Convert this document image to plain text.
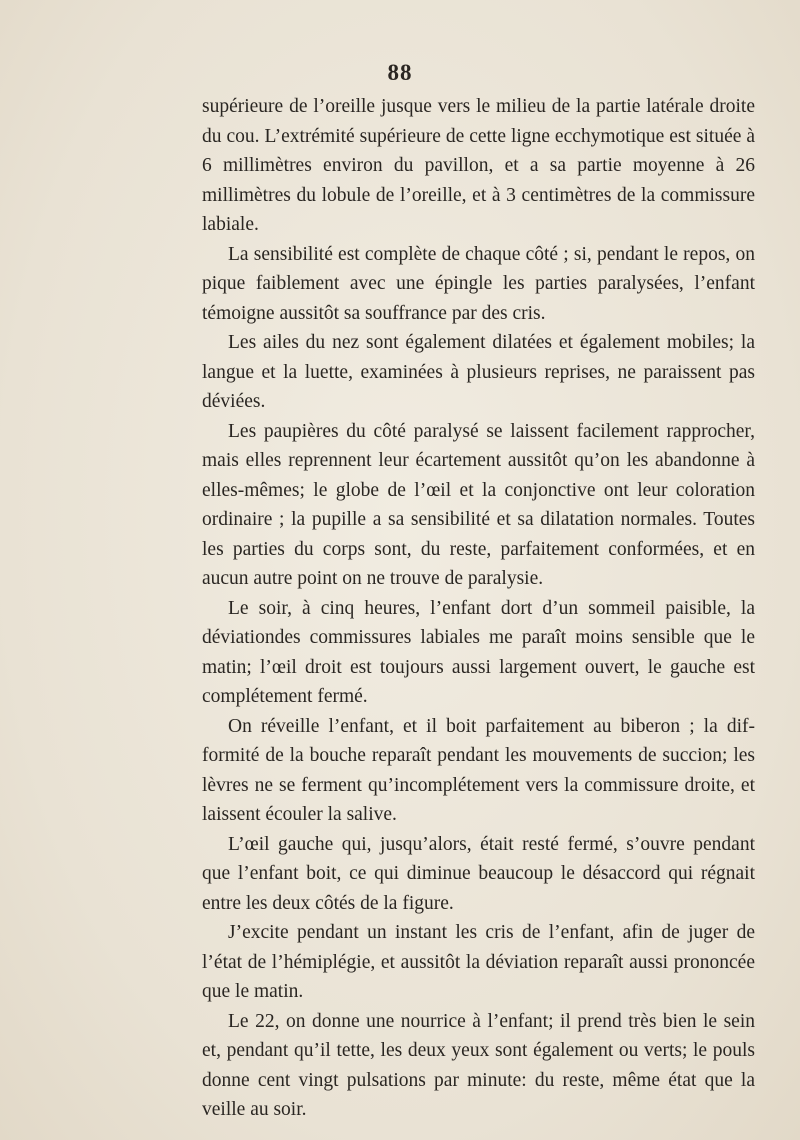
88

supérieure de l’oreille jusque vers le milieu de la partie latérale droite du cou. L’extrémité supérieure de cette ligne ecchymotique est située à 6 millimètres environ du pavillon, et a sa partie moyenne à 26 millimètres du lobule de l’oreille, et à 3 centimètres de la commissure labiale.

La sensibilité est complète de chaque côté ; si, pendant le repos, on pique faiblement avec une épingle les parties paralysées, l’enfant témoigne aussitôt sa souffrance par des cris.

Les ailes du nez sont également dilatées et également mobiles; la langue et la luette, examinées à plusieurs reprises, ne paraissent pas déviées.

Les paupières du côté paralysé se laissent facilement rapprocher, mais elles reprennent leur écartement aussitôt qu’on les abandonne à elles-mêmes; le globe de l’œil et la conjonctive ont leur coloration ordinaire ; la pupille a sa sensibilité et sa dilatation normales. Toutes les parties du corps sont, du reste, parfaitement conformées, et en aucun autre point on ne trouve de paralysie.

Le soir, à cinq heures, l’enfant dort d’un sommeil paisible, la déviationdes commissures labiales me paraît moins sensible que le matin; l’œil droit est toujours aussi largement ouvert, le gauche est complétement fermé.

On réveille l’enfant, et il boit parfaitement au biberon ; la difformité de la bouche reparaît pendant les mouvements de succion; les lèvres ne se ferment qu’incomplétement vers la commissure droite, et laissent écouler la salive.

L’œil gauche qui, jusqu’alors, était resté fermé, s’ouvre pendant que l’enfant boit, ce qui diminue beaucoup le désaccord qui régnait entre les deux côtés de la figure.

J’excite pendant un instant les cris de l’enfant, afin de juger de l’état de l’hémiplégie, et aussitôt la déviation reparaît aussi prononcée que le matin.

Le 22, on donne une nourrice à l’enfant; il prend très bien le sein et, pendant qu’il tette, les deux yeux sont également ou verts; le pouls donne cent vingt pulsations par minute: du reste, même état que la veille au soir.
